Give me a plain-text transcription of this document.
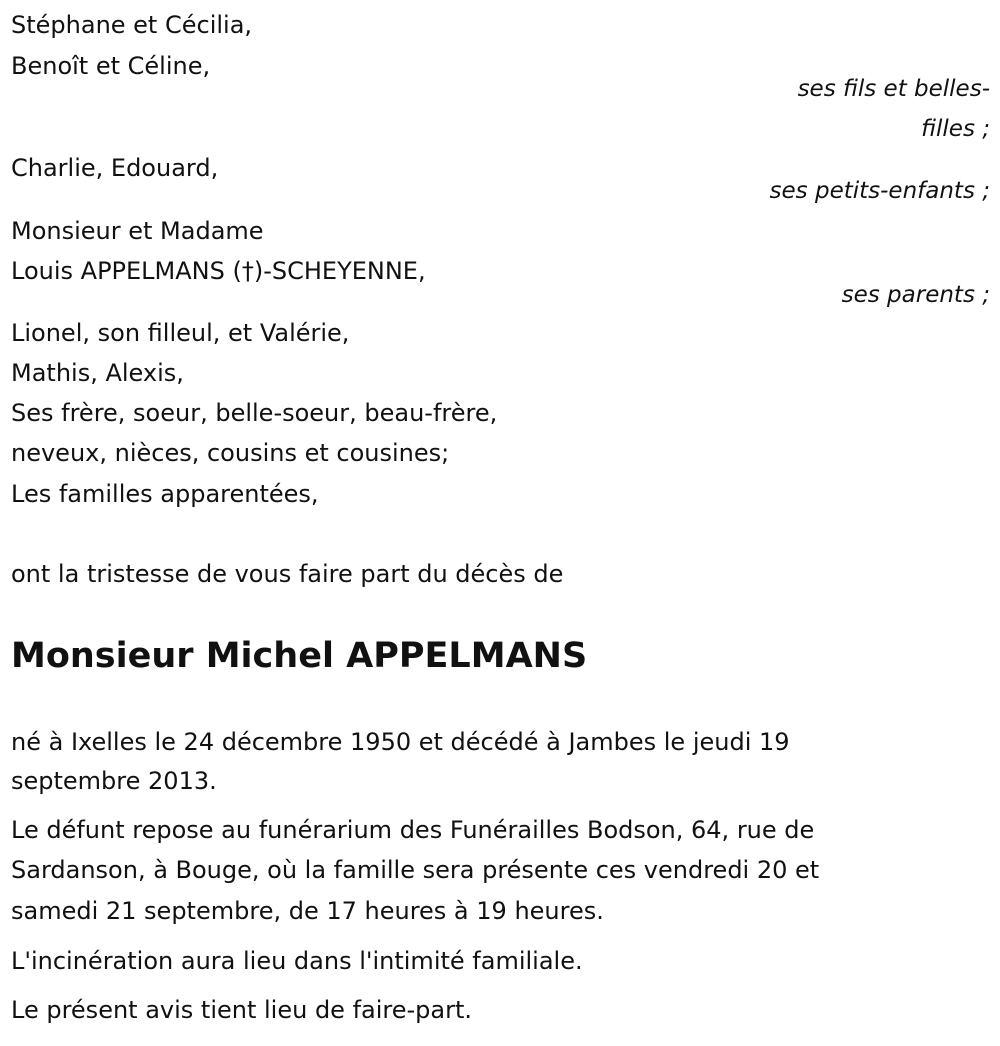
Stéphane et Cécilia,
Benoît et Céline,
ses fils et belles-
filles ;
Charlie, Edouard,
ses petits-enfants ;
Monsieur et Madame
Louis APPELMANS (†)-SCHEYENNE,
ses parents ;
Lionel, son filleul, et Valérie,
Mathis, Alexis,
Ses frère, soeur, belle-soeur, beau-frère,
neveux, nièces, cousins et cousines;
Les familles apparentées,
ont la tristesse de vous faire part du décès de
Monsieur Michel APPELMANS
né à Ixelles le 24 décembre 1950 et décédé à Jambes le jeudi 19
septembre 2013.
Le défunt repose au funérarium des Funérailles Bodson, 64, rue de
Sardanson, à Bouge, où la famille sera présente ces vendredi 20 et
samedi 21 septembre, de 17 heures à 19 heures.
L'incinération aura lieu dans l'intimité familiale.
Le présent avis tient lieu de faire-part.
